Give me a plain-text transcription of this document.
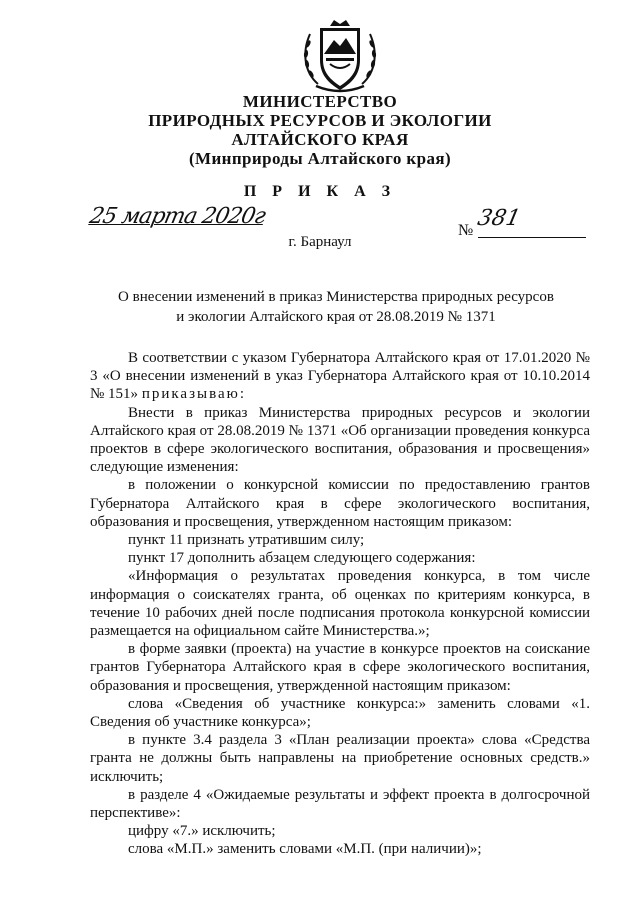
МИНИСТЕРСТВО
ПРИРОДНЫХ РЕСУРСОВ И ЭКОЛОГИИ
АЛТАЙСКОГО КРАЯ
(Минприроды Алтайского края)
П Р И К А З
25 марта 2020г
№ 381
г. Барнаул
О внесении изменений в приказ Министерства природных ресурсов
и экологии Алтайского края от 28.08.2019 № 1371

В соответствии с указом Губернатора Алтайского края от 17.01.2020 № 3 «О внесении изменений в указ Губернатора Алтайского края от 10.10.2014 № 151» приказываю:

Внести в приказ Министерства природных ресурсов и экологии Алтайского края от 28.08.2019 № 1371 «Об организации проведения конкурса проектов в сфере экологического воспитания, образования и просвещения» следующие изменения:

в положении о конкурсной комиссии по предоставлению грантов Губернатора Алтайского края в сфере экологического воспитания, образования и просвещения, утвержденном настоящим приказом:

пункт 11 признать утратившим силу;

пункт 17 дополнить абзацем следующего содержания:

«Информация о результатах проведения конкурса, в том числе информация о соискателях гранта, об оценках по критериям конкурса, в течение 10 рабочих дней после подписания протокола конкурсной комиссии размещается на официальном сайте Министерства.»;

в форме заявки (проекта) на участие в конкурсе проектов на соискание грантов Губернатора Алтайского края в сфере экологического воспитания, образования и просвещения, утвержденной настоящим приказом:

слова «Сведения об участнике конкурса:» заменить словами «1. Сведения об участнике конкурса»;

в пункте 3.4 раздела 3 «План реализации проекта» слова «Средства гранта не должны быть направлены на приобретение основных средств.» исключить;

в разделе 4 «Ожидаемые результаты и эффект проекта в долгосрочной перспективе»:

цифру «7.» исключить;

слова «М.П.» заменить словами «М.П. (при наличии)»;
